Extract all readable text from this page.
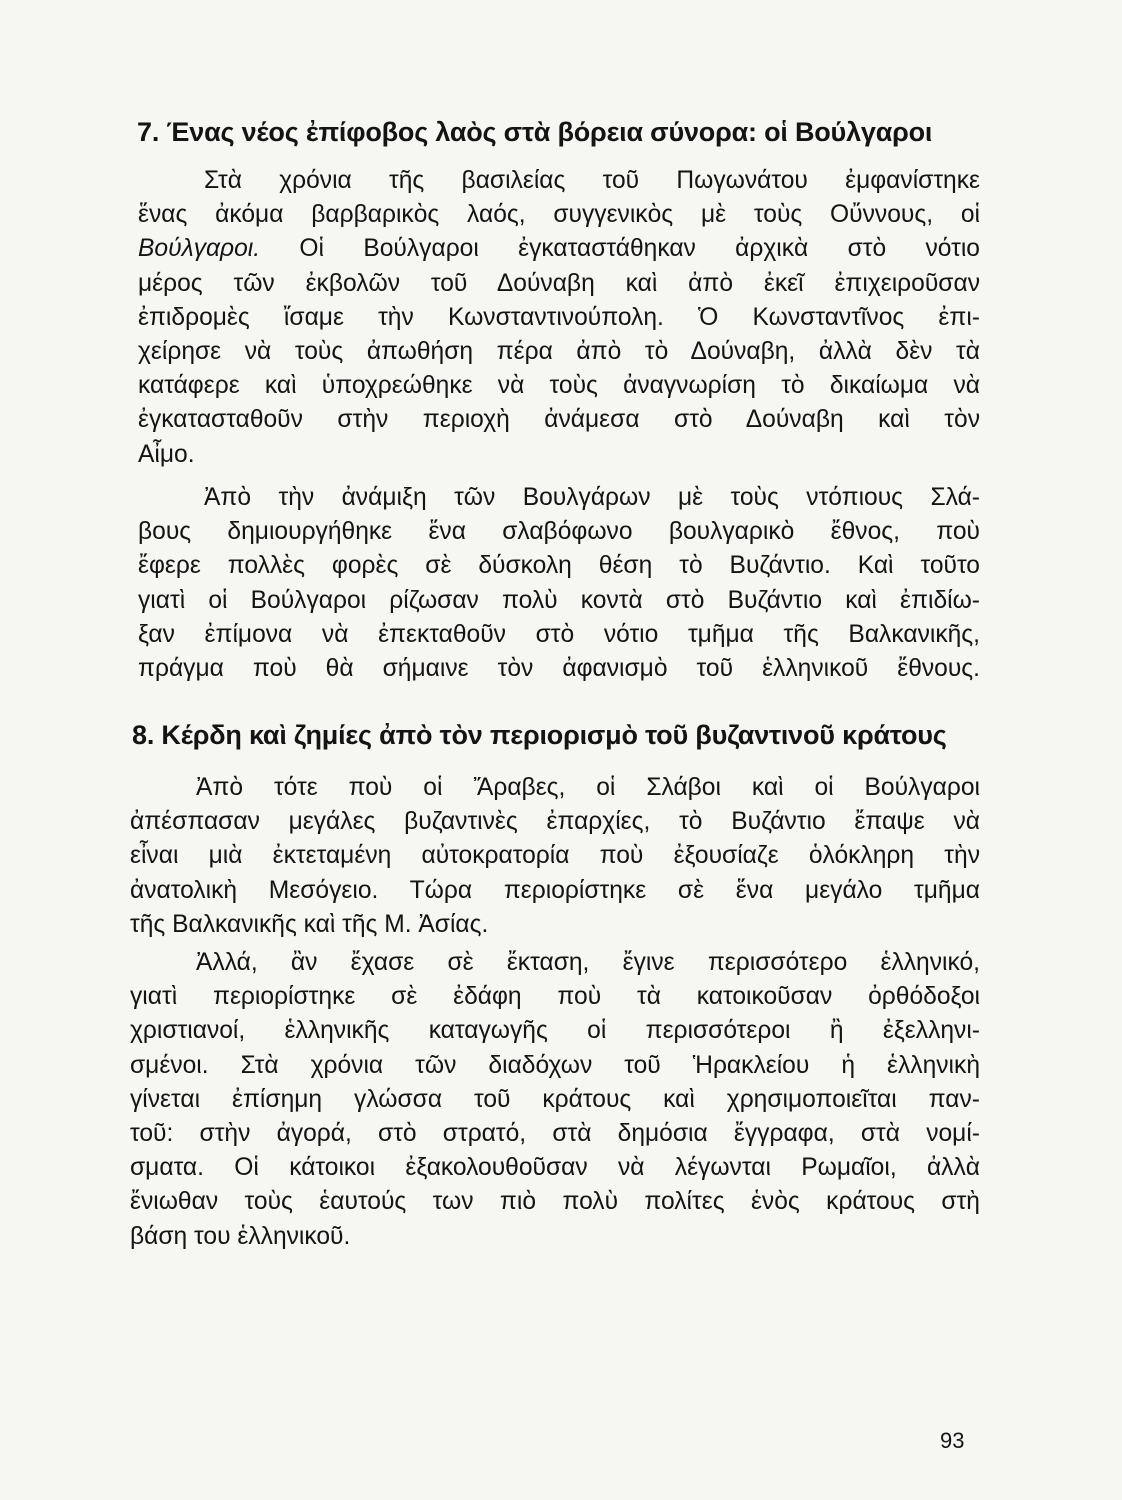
7. Ένας νέος ἐπίφοβος λαὸς στὰ βόρεια σύνορα: οἱ Βούλγαροι
Στὰ χρόνια τῆς βασιλείας τοῦ Πωγωνάτου ἐμφανίστηκε
ἕνας ἀκόμα βαρβαρικὸς λαός, συγγενικὸς μὲ τοὺς Οὔννους, οἱ
Βούλγαροι. Οἱ Βούλγαροι ἐγκαταστάθηκαν ἀρχικὰ στὸ νότιο
μέρος τῶν ἐκβολῶν τοῦ Δούναβη καὶ ἀπὸ ἐκεῖ ἐπιχειροῦσαν
ἐπιδρομὲς ἴσαμε τὴν Κωνσταντινούπολη. Ὁ Κωνσταντῖνος ἐπι-
χείρησε νὰ τοὺς ἀπωθήση πέρα ἀπὸ τὸ Δούναβη, ἀλλὰ δὲν τὰ
κατάφερε καὶ ὑποχρεώθηκε νὰ τοὺς ἀναγνωρίση τὸ δικαίωμα νὰ
ἐγκατασταθοῦν στὴν περιοχὴ ἀνάμεσα στὸ Δούναβη καὶ τὸν
Αἶμο.
Ἀπὸ τὴν ἀνάμιξη τῶν Βουλγάρων μὲ τοὺς ντόπιους Σλά-
βους δημιουργήθηκε ἕνα σλαβόφωνο βουλγαρικὸ ἔθνος, ποὺ
ἔφερε πολλὲς φορὲς σὲ δύσκολη θέση τὸ Βυζάντιο. Καὶ τοῦτο
γιατὶ οἱ Βούλγαροι ρίζωσαν πολὺ κοντὰ στὸ Βυζάντιο καὶ ἐπιδίω-
ξαν ἐπίμονα νὰ ἐπεκταθοῦν στὸ νότιο τμῆμα τῆς Βαλκανικῆς,
πράγμα ποὺ θὰ σήμαινε τὸν ἀφανισμὸ τοῦ ἑλληνικοῦ ἔθνους.
8. Κέρδη καὶ ζημίες ἀπὸ τὸν περιορισμὸ τοῦ βυζαντινοῦ κράτους
Ἀπὸ τότε ποὺ οἱ Ἄραβες, οἱ Σλάβοι καὶ οἱ Βούλγαροι
ἀπέσπασαν μεγάλες βυζαντινὲς ἐπαρχίες, τὸ Βυζάντιο ἔπαψε νὰ
εἶναι μιὰ ἐκτεταμένη αὐτοκρατορία ποὺ ἐξουσίαζε ὁλόκληρη τὴν
ἀνατολικὴ Μεσόγειο. Τώρα περιορίστηκε σὲ ἕνα μεγάλο τμῆμα
τῆς Βαλκανικῆς καὶ τῆς Μ. Ἀσίας.
Ἀλλά, ἂν ἔχασε σὲ ἔκταση, ἔγινε περισσότερο ἑλληνικό,
γιατὶ περιορίστηκε σὲ ἐδάφη ποὺ τὰ κατοικοῦσαν ὀρθόδοξοι
χριστιανοί, ἑλληνικῆς καταγωγῆς οἱ περισσότεροι ἢ ἐξελληνι-
σμένοι. Στὰ χρόνια τῶν διαδόχων τοῦ Ἡρακλείου ἡ ἑλληνικὴ
γίνεται ἐπίσημη γλώσσα τοῦ κράτους καὶ χρησιμοποιεῖται παν-
τοῦ: στὴν ἀγορά, στὸ στρατό, στὰ δημόσια ἔγγραφα, στὰ νομί-
σματα. Οἱ κάτοικοι ἐξακολουθοῦσαν νὰ λέγωνται Ρωμαῖοι, ἀλλὰ
ἔνιωθαν τοὺς ἑαυτούς των πιὸ πολὺ πολίτες ἑνὸς κράτους στὴ
βάση του ἑλληνικοῦ.
93
